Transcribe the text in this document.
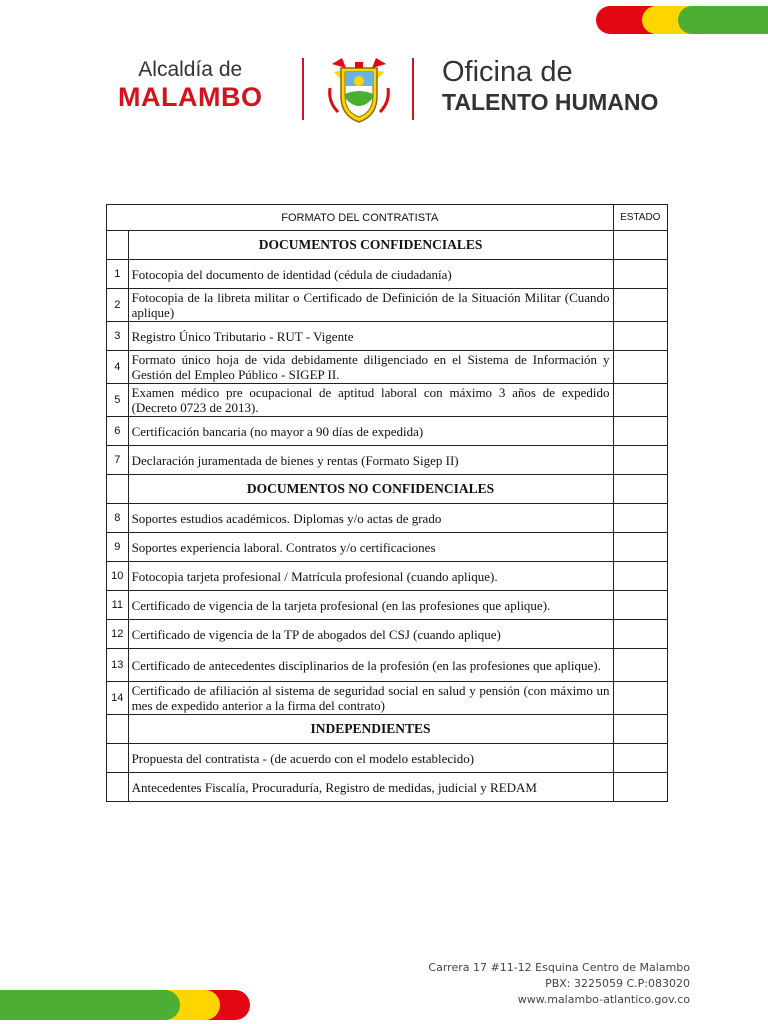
Alcaldía de
MALAMBO
Oficina de
TALENTO HUMANO
FORMATO DEL CONTRATISTA		ESTADO
	DOCUMENTOS CONFIDENCIALES	
1	Fotocopia del documento de identidad (cédula de ciudadanía)	
2	Fotocopia de la libreta militar o Certificado de Definición de la Situación Militar (Cuando aplique)	
3	Registro Único Tributario - RUT - Vigente	
4	Formato único hoja de vida debidamente diligenciado en el Sistema de Información y Gestión del Empleo Público - SIGEP II.	
5	Examen médico pre ocupacional de aptitud laboral con máximo 3 años de expedido (Decreto 0723 de 2013).	
6	Certificación bancaria (no mayor a 90 días de expedida)	
7	Declaración juramentada de bienes y rentas (Formato Sigep II)	
	DOCUMENTOS NO CONFIDENCIALES	
8	Soportes estudios académicos. Diplomas y/o actas de grado	
9	Soportes experiencia laboral. Contratos y/o certificaciones	
10	Fotocopia tarjeta profesional / Matrícula profesional (cuando aplique).	
11	Certificado de vigencia de la tarjeta profesional (en las profesiones que aplique).	
12	Certificado de vigencia de la TP de abogados del CSJ (cuando aplique)	
13	Certificado de antecedentes disciplinarios de la profesión (en las profesiones que aplique).	
14	Certificado de afiliación al sistema de seguridad social en salud y pensión (con máximo un mes de expedido anterior a la firma del contrato)	
	INDEPENDIENTES	
	Propuesta del contratista - (de acuerdo con el modelo establecido)	
	Antecedentes Fiscalía, Procuraduría, Registro de medidas, judicial y REDAM	
Carrera 17 #11-12 Esquina Centro de Malambo
PBX: 3225059 C.P:083020
www.malambo-atlantico.gov.co
